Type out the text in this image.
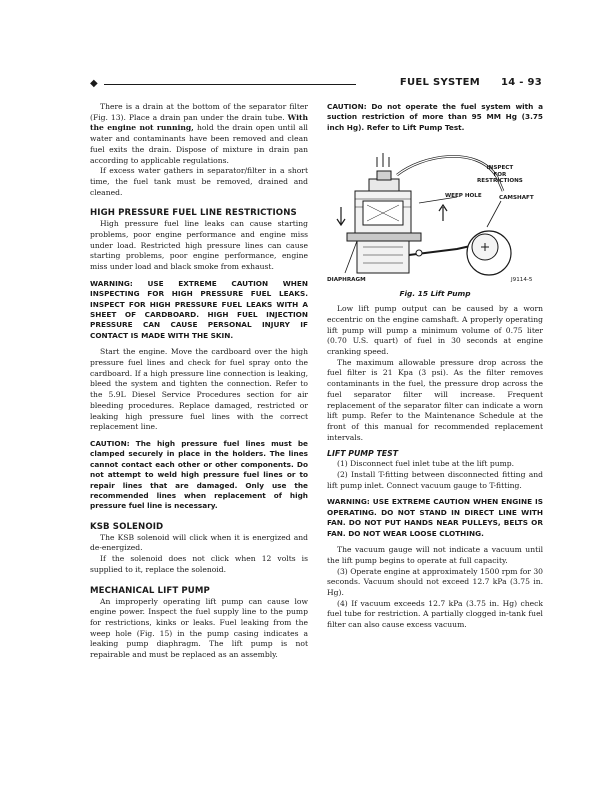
◆	FUEL SYSTEM 14 - 93

There is a drain at the bottom of the separator filter (Fig. 13). Place a drain pan under the drain tube. With the engine not running, hold the drain open until all water and contaminants have been removed and clean fuel exits the drain. Dispose of mixture in drain pan according to applicable regulations.

If excess water gathers in separator/filter in a short time, the fuel tank must be removed, drained and cleaned.

HIGH PRESSURE FUEL LINE RESTRICTIONS

High pressure fuel line leaks can cause starting problems, poor engine performance and engine miss under load. Restricted high pressure lines can cause starting problems, poor engine performance, engine miss under load and black smoke from exhaust.

WARNING: USE EXTREME CAUTION WHEN INSPECTING FOR HIGH PRESSURE FUEL LEAKS. INSPECT FOR HIGH PRESSURE FUEL LEAKS WITH A SHEET OF CARDBOARD. HIGH FUEL INJECTION PRESSURE CAN CAUSE PERSONAL INJURY IF CONTACT IS MADE WITH THE SKIN.

Start the engine. Move the cardboard over the high pressure fuel lines and check for fuel spray onto the cardboard. If a high pressure line connection is leaking, bleed the system and tighten the connection. Refer to the 5.9L Diesel Service Procedures section for air bleeding procedures. Replace damaged, restricted or leaking high pressure fuel lines with the correct replacement line.

CAUTION: The high pressure fuel lines must be clamped securely in place in the holders. The lines cannot contact each other or other components. Do not attempt to weld high pressure fuel lines or to repair lines that are damaged. Only use the recommended lines when replacement of high pressure fuel line is necessary.

KSB SOLENOID

The KSB solenoid will click when it is energized and de-energized.

If the solenoid does not click when 12 volts is supplied to it, replace the solenoid.

MECHANICAL LIFT PUMP

An improperly operating lift pump can cause low engine power. Inspect the fuel supply line to the pump for restrictions, kinks or leaks. Fuel leaking from the weep hole (Fig. 15) in the pump casing indicates a leaking pump diaphragm. The lift pump is not repairable and must be replaced as an assembly.

CAUTION: Do not operate the fuel system with a suction restriction of more than 95 MM Hg (3.75 inch Hg). Refer to Lift Pump Test.

INSPECT
FOR
RESTRICTIONS
WEEP HOLE	CAMSHAFT
DIAPHRAGM	J9114-5
Fig. 15 Lift Pump

Low lift pump output can be caused by a worn eccentric on the engine camshaft. A properly operating lift pump will pump a minimum volume of 0.75 liter (0.70 U.S. quart) of fuel in 30 seconds at engine cranking speed.

The maximum allowable pressure drop across the fuel filter is 21 Kpa (3 psi). As the filter removes contaminants in the fuel, the pressure drop across the fuel separator filter will increase. Frequent replacement of the separator filter can indicate a worn lift pump. Refer to the Maintenance Schedule at the front of this manual for recommended replacement intervals.

LIFT PUMP TEST

(1) Disconnect fuel inlet tube at the lift pump.

(2) Install T-fitting between disconnected fitting and lift pump inlet. Connect vacuum gauge to T-fitting.

WARNING: USE EXTREME CAUTION WHEN ENGINE IS OPERATING. DO NOT STAND IN DIRECT LINE WITH FAN. DO NOT PUT HANDS NEAR PULLEYS, BELTS OR FAN. DO NOT WEAR LOOSE CLOTHING.

The vacuum gauge will not indicate a vacuum until the lift pump begins to operate at full capacity.

(3) Operate engine at approximately 1500 rpm for 30 seconds. Vacuum should not exceed 12.7 kPa (3.75 in. Hg).

(4) If vacuum exceeds 12.7 kPa (3.75 in. Hg) check fuel tube for restriction. A partially clogged in-tank fuel filter can also cause excess vacuum.
